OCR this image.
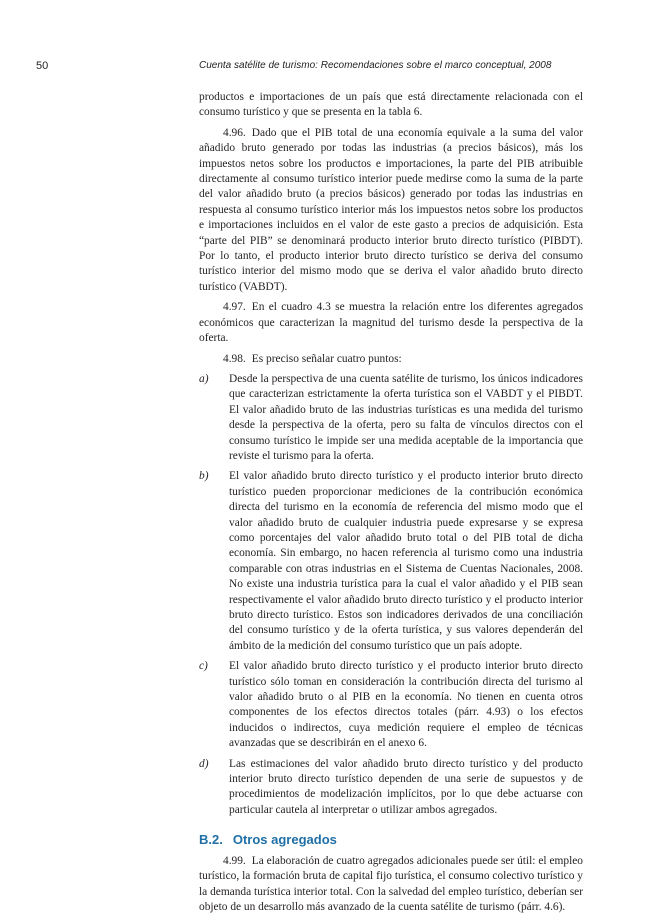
50	Cuenta satélite de turismo: Recomendaciones sobre el marco conceptual, 2008

productos e importaciones de un país que está directamente relacionada con el consumo turístico y que se presenta en la tabla 6.

4.96. Dado que el PIB total de una economía equivale a la suma del valor añadido bruto generado por todas las industrias (a precios básicos), más los impuestos netos sobre los productos e importaciones, la parte del PIB atribuible directamente al consumo turístico interior puede medirse como la suma de la parte del valor añadido bruto (a precios básicos) generado por todas las industrias en respuesta al consumo turístico interior más los impuestos netos sobre los productos e importaciones incluidos en el valor de este gasto a precios de adquisición. Esta “parte del PIB” se denominará producto interior bruto directo turístico (PIBDT). Por lo tanto, el producto interior bruto directo turístico se deriva del consumo turístico interior del mismo modo que se deriva el valor añadido bruto directo turístico (VABDT).

4.97. En el cuadro 4.3 se muestra la relación entre los diferentes agregados económicos que caracterizan la magnitud del turismo desde la perspectiva de la oferta.

4.98. Es preciso señalar cuatro puntos:

a)	Desde la perspectiva de una cuenta satélite de turismo, los únicos indicadores que caracterizan estrictamente la oferta turística son el VABDT y el PIBDT. El valor añadido bruto de las industrias turísticas es una medida del turismo desde la perspectiva de la oferta, pero su falta de vínculos directos con el consumo turístico le impide ser una medida aceptable de la importancia que reviste el turismo para la oferta.
b)	El valor añadido bruto directo turístico y el producto interior bruto directo turístico pueden proporcionar mediciones de la contribución económica directa del turismo en la economía de referencia del mismo modo que el valor añadido bruto de cualquier industria puede expresarse y se expresa como porcentajes del valor añadido bruto total o del PIB total de dicha economía. Sin embargo, no hacen referencia al turismo como una industria comparable con otras industrias en el Sistema de Cuentas Nacionales, 2008. No existe una industria turística para la cual el valor añadido y el PIB sean respectivamente el valor añadido bruto directo turístico y el producto interior bruto directo turístico. Estos son indicadores derivados de una conciliación del consumo turístico y de la oferta turística, y sus valores dependerán del ámbito de la medición del consumo turístico que un país adopte.
c)	El valor añadido bruto directo turístico y el producto interior bruto directo turístico sólo toman en consideración la contribución directa del turismo al valor añadido bruto o al PIB en la economía. No tienen en cuenta otros componentes de los efectos directos totales (párr. 4.93) o los efectos inducidos o indirectos, cuya medición requiere el empleo de técnicas avanzadas que se describirán en el anexo 6.
d)	Las estimaciones del valor añadido bruto directo turístico y del producto interior bruto directo turístico dependen de una serie de supuestos y de procedimientos de modelización implícitos, por lo que debe actuarse con particular cautela al interpretar o utilizar ambos agregados.
B.2. Otros agregados

4.99. La elaboración de cuatro agregados adicionales puede ser útil: el empleo turístico, la formación bruta de capital fijo turística, el consumo colectivo turístico y la demanda turística interior total. Con la salvedad del empleo turístico, deberían ser objeto de un desarrollo más avanzado de la cuenta satélite de turismo (párr. 4.6).
